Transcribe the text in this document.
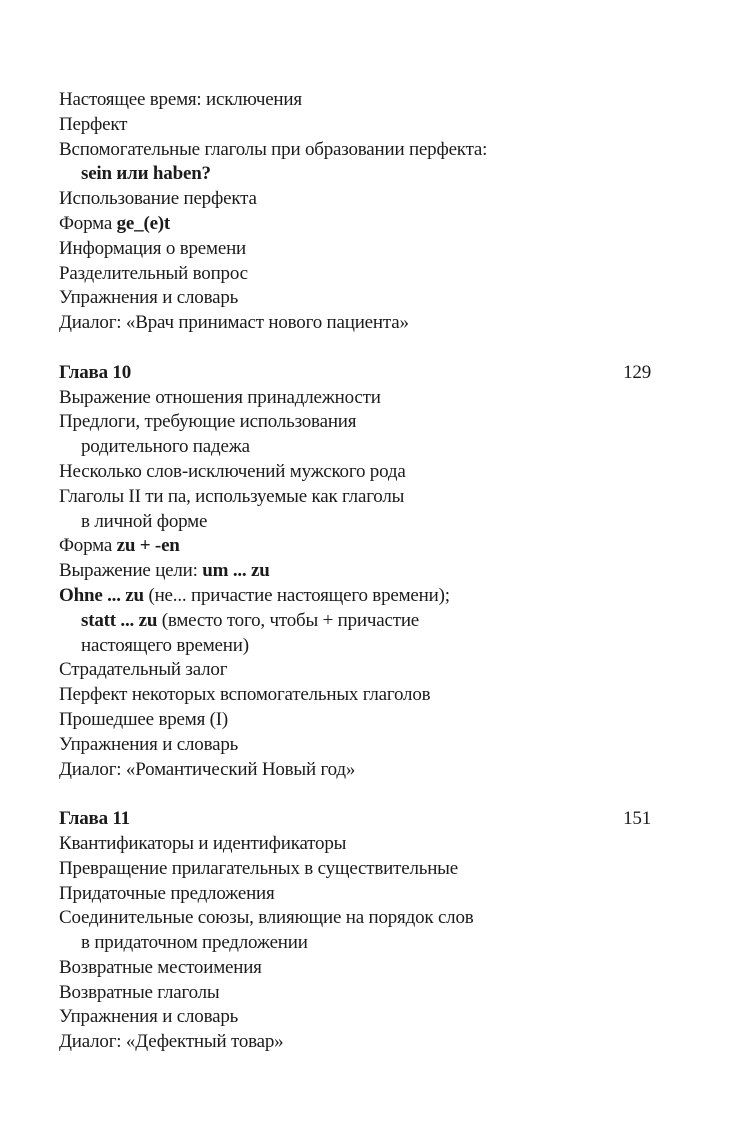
Настоящее время: исключения
Перфект
Вспомогательные глаголы при образовании перфекта:
sein или haben?
Использование перфекта
Форма ge_(e)t
Информация о времени
Разделительный вопрос
Упражнения и словарь
Диалог: «Врач принимаст нового пациента»
Глава 10	129
Выражение отношения принадлежности
Предлоги, требующие использования
родительного падежа
Несколько слов-исключений мужского рода
Глаголы II ти па, используемые как глаголы
в личной форме
Форма zu + -en
Выражение цели: um ... zu
Ohne ... zu (не... причастие настоящего времени);
statt ... zu (вместо того, чтобы + причастие
настоящего времени)
Страдательный залог
Перфект некоторых вспомогательных глаголов
Прошедшее время (I)
Упражнения и словарь
Диалог: «Романтический Новый год»
Глава 11	151
Квантификаторы и идентификаторы
Превращение прилагательных в существительные
Придаточные предложения
Соединительные союзы, влияющие на порядок слов
в придаточном предложении
Возвратные местоимения
Возвратные глаголы
Упражнения и словарь
Диалог: «Дефектный товар»
